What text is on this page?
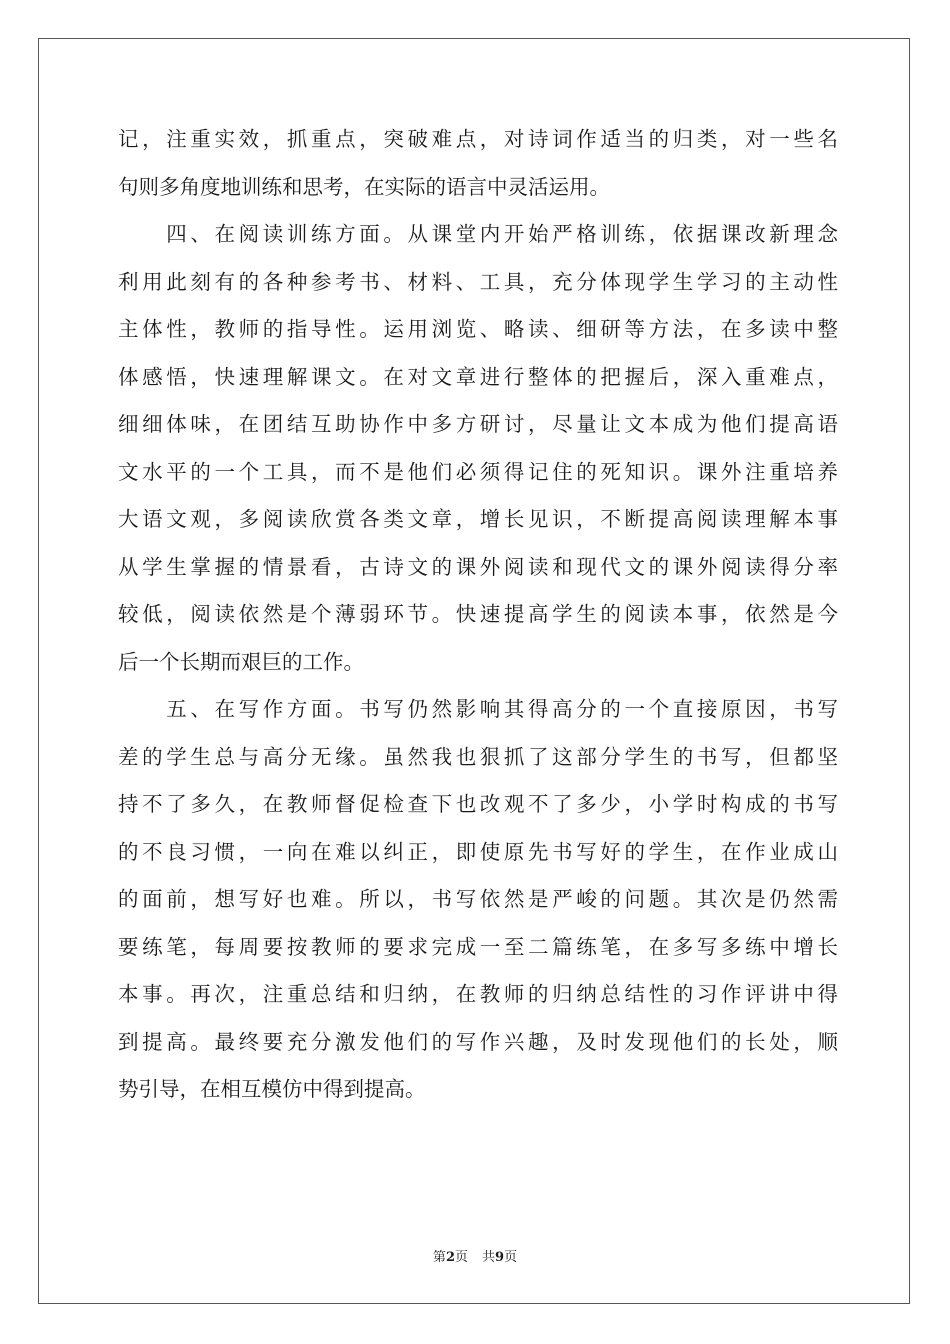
记，注重实效，抓重点，突破难点，对诗词作适当的归类，对一些名
句则多角度地训练和思考，在实际的语言中灵活运用。
　　四、在阅读训练方面。从课堂内开始严格训练，依据课改新理念
利用此刻有的各种参考书、材料、工具，充分体现学生学习的主动性
主体性，教师的指导性。运用浏览、略读、细研等方法，在多读中整
体感悟，快速理解课文。在对文章进行整体的把握后，深入重难点，
细细体味，在团结互助协作中多方研讨，尽量让文本成为他们提高语
文水平的一个工具，而不是他们必须得记住的死知识。课外注重培养
大语文观，多阅读欣赏各类文章，增长见识，不断提高阅读理解本事
从学生掌握的情景看，古诗文的课外阅读和现代文的课外阅读得分率
较低，阅读依然是个薄弱环节。快速提高学生的阅读本事，依然是今
后一个长期而艰巨的工作。
　　五、在写作方面。书写仍然影响其得高分的一个直接原因，书写
差的学生总与高分无缘。虽然我也狠抓了这部分学生的书写，但都坚
持不了多久，在教师督促检查下也改观不了多少，小学时构成的书写
的不良习惯，一向在难以纠正，即使原先书写好的学生，在作业成山
的面前，想写好也难。所以，书写依然是严峻的问题。其次是仍然需
要练笔，每周要按教师的要求完成一至二篇练笔，在多写多练中增长
本事。再次，注重总结和归纳，在教师的归纳总结性的习作评讲中得
到提高。最终要充分激发他们的写作兴趣，及时发现他们的长处，顺
势引导，在相互模仿中得到提高。
第2页 共9页
